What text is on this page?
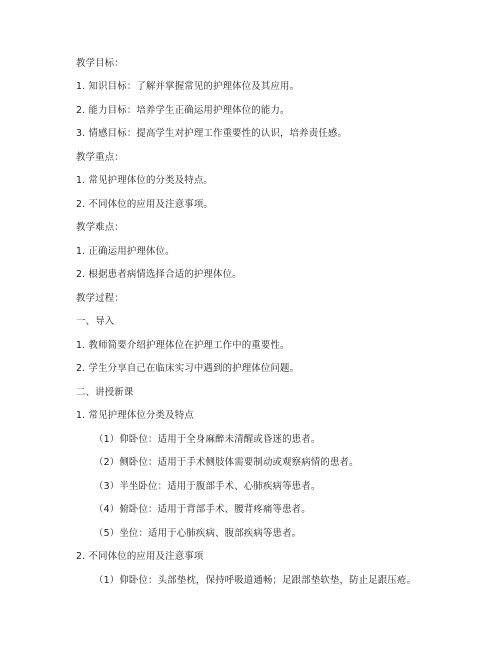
教学目标：
1. 知识目标：了解并掌握常见的护理体位及其应用。
2. 能力目标：培养学生正确运用护理体位的能力。
3. 情感目标：提高学生对护理工作重要性的认识，培养责任感。
教学重点：
1. 常见护理体位的分类及特点。
2. 不同体位的应用及注意事项。
教学难点：
1. 正确运用护理体位。
2. 根据患者病情选择合适的护理体位。
教学过程：
一、导入
1. 教师简要介绍护理体位在护理工作中的重要性。
2. 学生分享自己在临床实习中遇到的护理体位问题。
二、讲授新课
1. 常见护理体位分类及特点
（1）仰卧位：适用于全身麻醉未清醒或昏迷的患者。
（2）侧卧位：适用于手术侧肢体需要制动或观察病情的患者。
（3）半坐卧位：适用于腹部手术、心肺疾病等患者。
（4）俯卧位：适用于背部手术、腰背疼痛等患者。
（5）坐位：适用于心肺疾病、腹部疾病等患者。
2. 不同体位的应用及注意事项
（1）仰卧位：头部垫枕，保持呼吸道通畅；足跟部垫软垫，防止足跟压疮。
